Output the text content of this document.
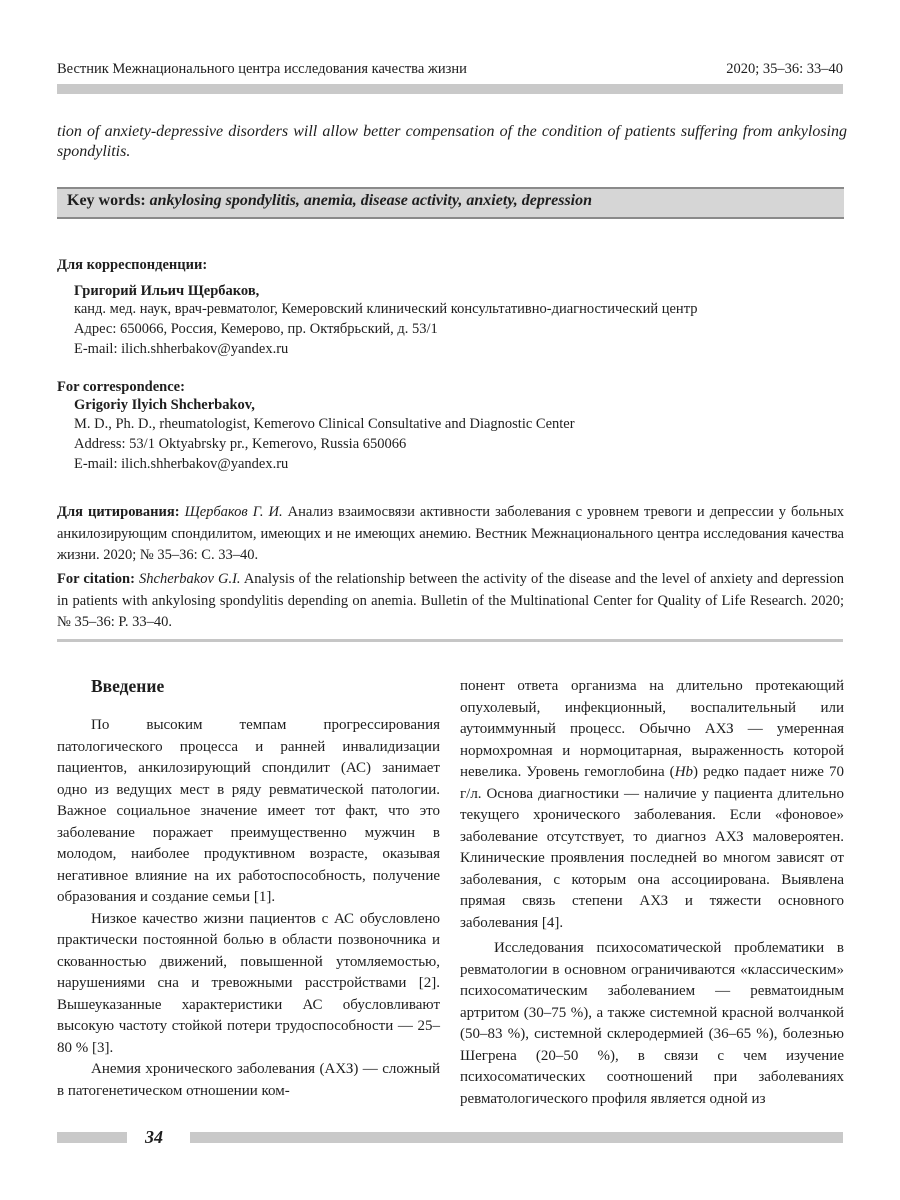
Вестник Межнационального центра исследования качества жизни	2020; 35–36: 33–40
tion of anxiety-depressive disorders will allow better compensation of the condition of patients suffering from ankylosing spondylitis.
Key words: ankylosing spondylitis, anemia, disease activity, anxiety, depression
Для корреспонденции:
Григорий Ильич Щербаков,
канд. мед. наук, врач-ревматолог, Кемеровский клинический консультативно-диагностический центр
Адрес: 650066, Россия, Кемерово, пр. Октябрьский, д. 53/1
E-mail: ilich.shherbakov@yandex.ru
For correspondence:
Grigoriy Ilyich Shcherbakov,
M. D., Ph. D., rheumatologist, Kemerovo Clinical Consultative and Diagnostic Center
Address: 53/1 Oktyabrsky pr., Kemerovo, Russia 650066
E-mail: ilich.shherbakov@yandex.ru
Для цитирования: Щербаков Г. И. Анализ взаимосвязи активности заболевания с уровнем тревоги и депрессии у больных анкилозирующим спондилитом, имеющих и не имеющих анемию. Вестник Межнационального центра исследования качества жизни. 2020; № 35–36: С. 33–40.
For citation: Shcherbakov G.I. Analysis of the relationship between the activity of the disease and the level of anxiety and depression in patients with ankylosing spondylitis depending on anemia. Bulletin of the Multinational Center for Quality of Life Research. 2020; № 35–36: P. 33–40.
Введение

По высоким темпам прогрессирования патологического процесса и ранней инвалидизации пациентов, анкилозирующий спондилит (АС) занимает одно из ведущих мест в ряду ревматической патологии. Важное социальное значение имеет тот факт, что это заболевание поражает преимущественно мужчин в молодом, наиболее продуктивном возрасте, оказывая негативное влияние на их работоспособность, получение образования и создание семьи [1].

Низкое качество жизни пациентов с АС обусловлено практически постоянной болью в области позвоночника и скованностью движений, повышенной утомляемостью, нарушениями сна и тревожными расстройствами [2]. Вышеуказанные характеристики АС обусловливают высокую частоту стойкой потери трудоспособности — 25–80 % [3].

Анемия хронического заболевания (АХЗ) — сложный в патогенетическом отношении ком-

понент ответа организма на длительно протекающий опухолевый, инфекционный, воспалительный или аутоиммунный процесс. Обычно АХЗ — умеренная нормохромная и нормоцитарная, выраженность которой невелика. Уровень гемоглобина (Hb) редко падает ниже 70 г/л. Основа диагностики — наличие у пациента длительно текущего хронического заболевания. Если «фоновое» заболевание отсутствует, то диагноз АХЗ маловероятен. Клинические проявления последней во многом зависят от заболевания, с которым она ассоциирована. Выявлена прямая связь степени АХЗ и тяжести основного заболевания [4].

Исследования психосоматической проблематики в ревматологии в основном ограничиваются «классическим» психосоматическим заболеванием — ревматоидным артритом (30–75 %), а также системной красной волчанкой (50–83 %), системной склеродермией (36–65 %), болезнью Шегрена (20–50 %), в связи с чем изучение психосоматических соотношений при заболеваниях ревматологического профиля является одной из

34
